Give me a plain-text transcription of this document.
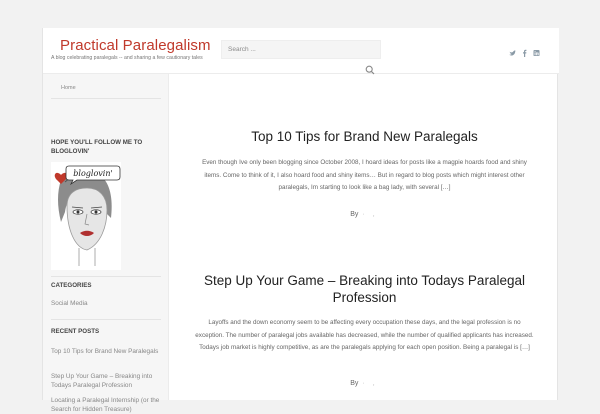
Practical Paralegalism
A blog celebrating paralegals -- and sharing a few cautionary tales
Search ...
Home
HOPE YOU'LL FOLLOW ME TO BLOGLOVIN'
bloglovin'
CATEGORIES
Social Media
RECENT POSTS
Top 10 Tips for Brand New Paralegals
Step Up Your Game – Breaking into Todays Paralegal Profession
Locating a Paralegal Internship (or the Search for Hidden Treasure)
Top 10 Tips for Brand New Paralegals
Even though Ive only been blogging since October 2008, I hoard ideas for posts like a magpie hoards food and shiny items. Come to think of it, I also hoard food and shiny items… But in regard to blog posts which might interest other paralegals, Im starting to look like a bag lady, with several […]
By · ,
Step Up Your Game – Breaking into Todays Paralegal Profession
Layoffs and the down economy seem to be affecting every occupation these days, and the legal profession is no exception. The number of paralegal jobs available has decreased, while the number of qualified applicants has increased. Todays job market is highly competitive, as are the paralegals applying for each open position. Being a paralegal is […]
By · ,
